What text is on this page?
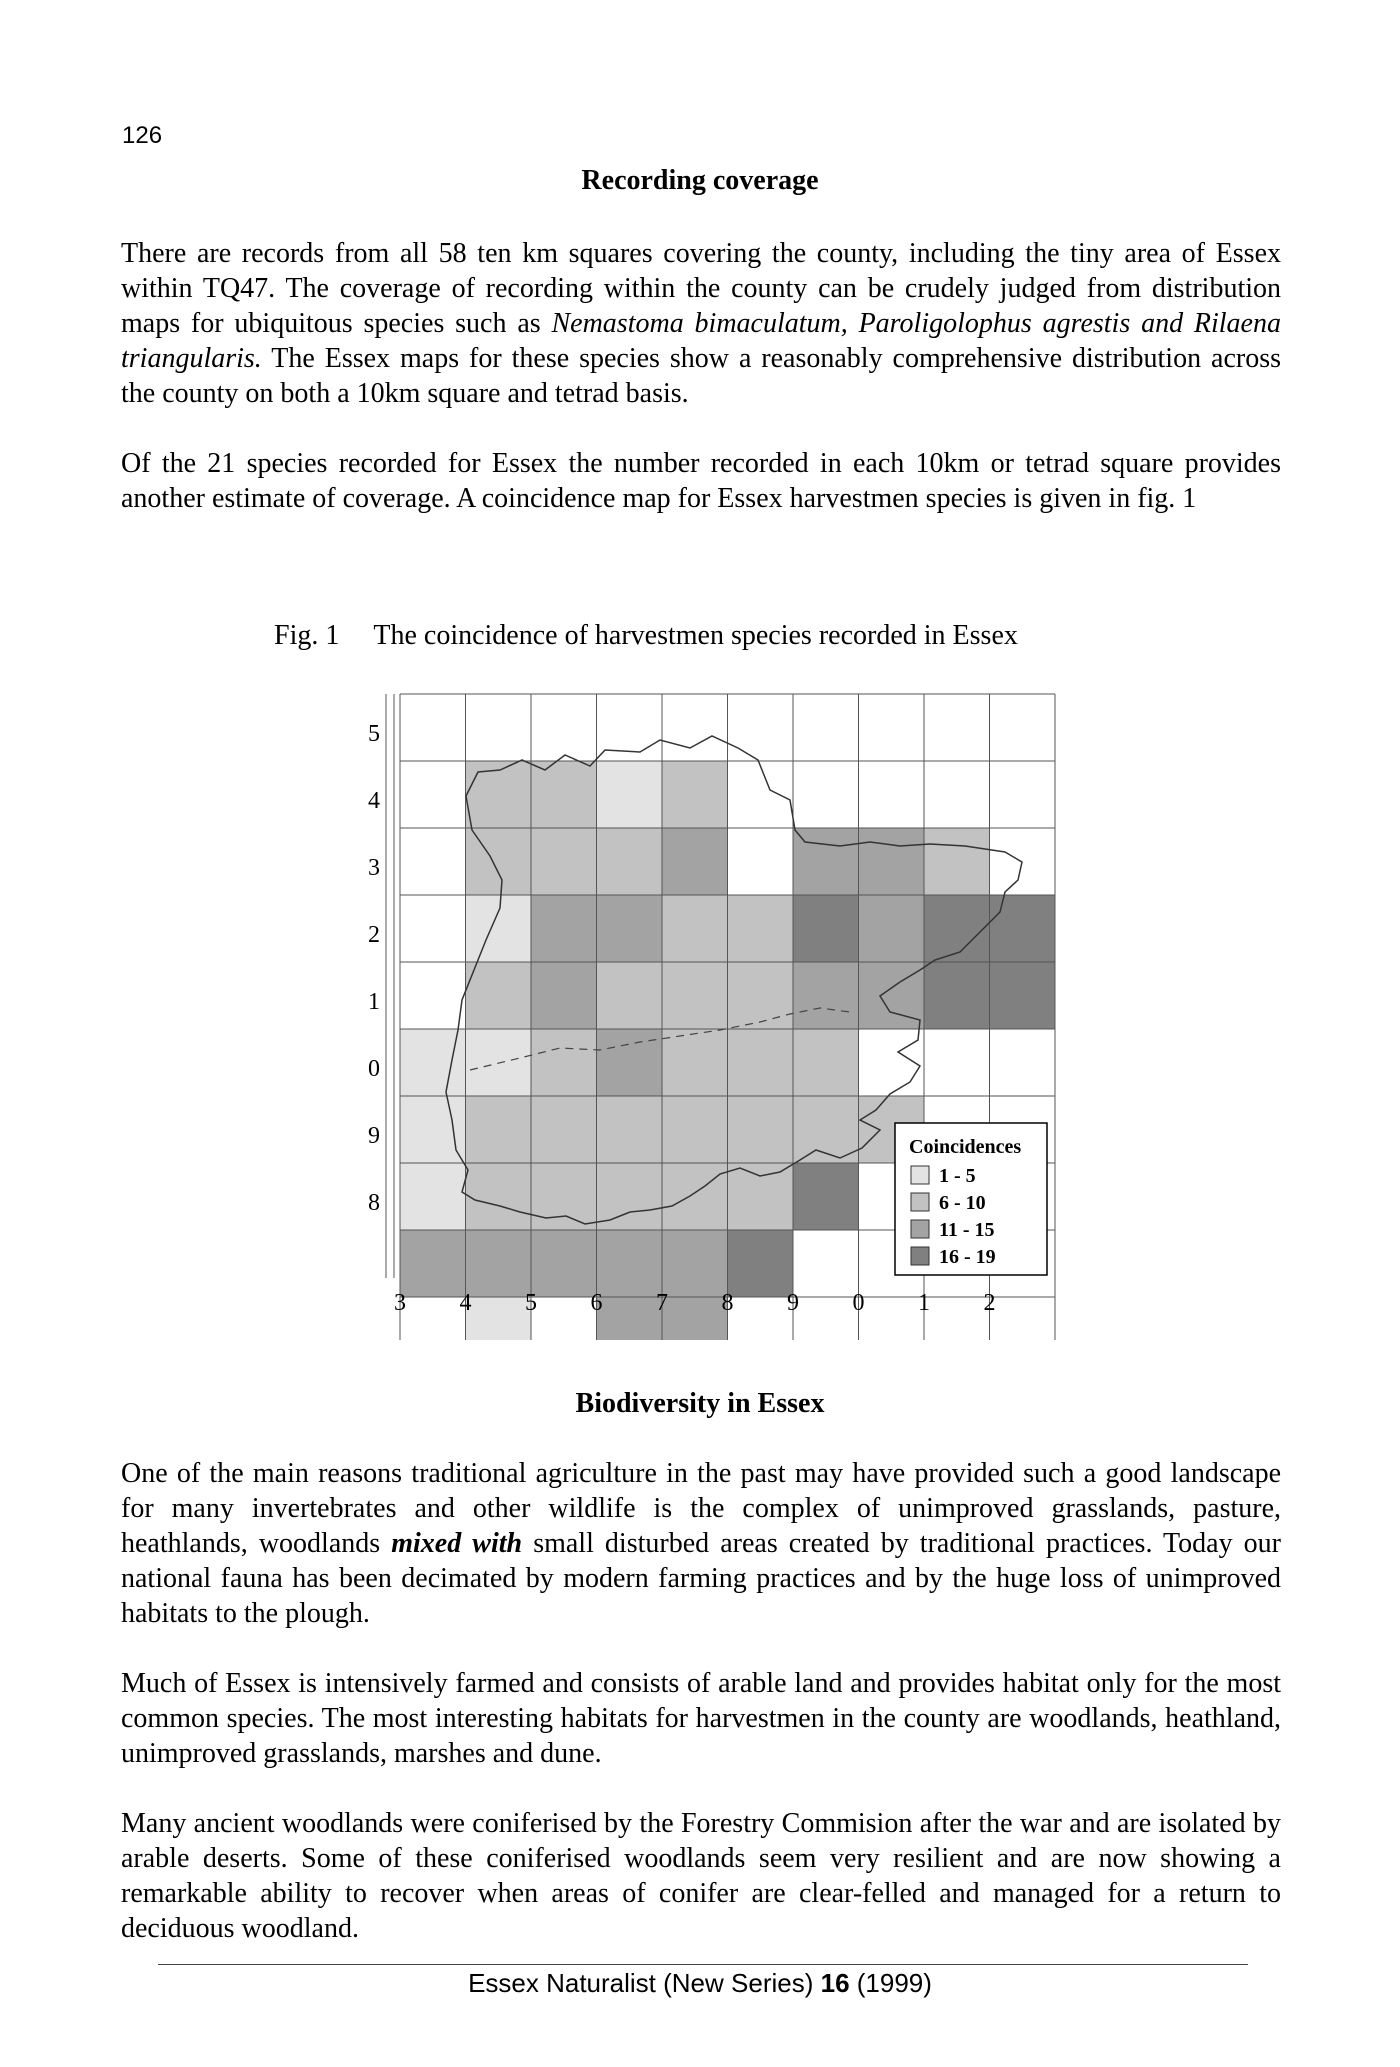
126
Recording coverage
There are records from all 58 ten km squares covering the county, including the tiny area of Essex within TQ47. The coverage of recording within the county can be crudely judged from distribution maps for ubiquitous species such as Nemastoma bimaculatum, Paroligolophus agrestis and Rilaena triangularis. The Essex maps for these species show a reasonably comprehensive distribution across the county on both a 10km square and tetrad basis.
Of the 21 species recorded for Essex the number recorded in each 10km or tetrad square provides another estimate of coverage. A coincidence map for Essex harvestmen species is given in fig. 1
Fig. 1 The coincidence of harvestmen species recorded in Essex
5
4
3
2
1
0
9
8
3 4 5 6 7 8 9 0 1 2
Coincidences
1 - 5
6 - 10
11 - 15
16 - 19
Biodiversity in Essex
One of the main reasons traditional agriculture in the past may have provided such a good landscape for many invertebrates and other wildlife is the complex of unimproved grasslands, pasture, heathlands, woodlands mixed with small disturbed areas created by traditional practices. Today our national fauna has been decimated by modern farming practices and by the huge loss of unimproved habitats to the plough.
Much of Essex is intensively farmed and consists of arable land and provides habitat only for the most common species. The most interesting habitats for harvestmen in the county are woodlands, heathland, unimproved grasslands, marshes and dune.
Many ancient woodlands were coniferised by the Forestry Commision after the war and are isolated by arable deserts. Some of these coniferised woodlands seem very resilient and are now showing a remarkable ability to recover when areas of conifer are clear-felled and managed for a return to deciduous woodland.
Essex Naturalist (New Series) 16 (1999)
